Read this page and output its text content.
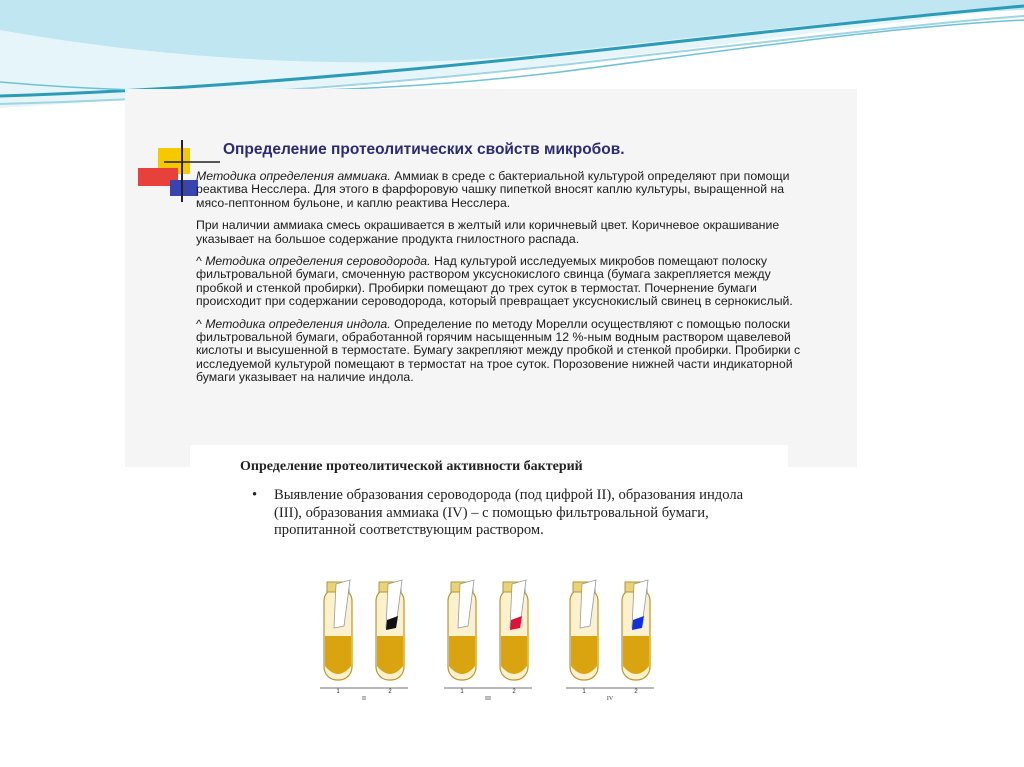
Определение протеолитических свойств микробов.

Методика определения аммиака. Аммиак в среде с бактериальной культурой определяют при помощи реактива Несслера. Для этого в фарфоровую чашку пипеткой вносят каплю культуры, выращенной на мясо-пептонном бульоне, и каплю реактива Несслера.

При наличии аммиака смесь окрашивается в желтый или коричневый цвет. Коричневое окрашивание указывает на большое содержание продукта гнилостного распада.

^ Методика определения сероводорода. Над культурой исследуемых микробов помещают полоску фильтровальной бумаги, смоченную раствором уксуснокислого свинца (бумага закрепляется между пробкой и стенкой пробирки). Пробирки помещают до трех суток в термостат. Почернение бумаги происходит при содержании сероводорода, который превращает уксуснокислый свинец в сернокислый.

^ Методика определения индола. Определение по методу Морелли осуществляют с помощью полоски фильтровальной бумаги, обработанной горячим насыщенным 12 %-ным водным раствором щавелевой кислоты и высушенной в термостате. Бумагу закрепляют между пробкой и стенкой пробирки. Пробирки с исследуемой культурой помещают в термостат на трое суток. Порозовение нижней части индикаторной бумаги указывает на наличие индола.

Определение протеолитической активности бактерий
• Выявление образования сероводорода (под цифрой II), образования индола (III), образования аммиака (IV) – с помощью фильтровальной бумаги, пропитанной соответствующим раствором.
1	2
II
1	2
III
1	2
IV
